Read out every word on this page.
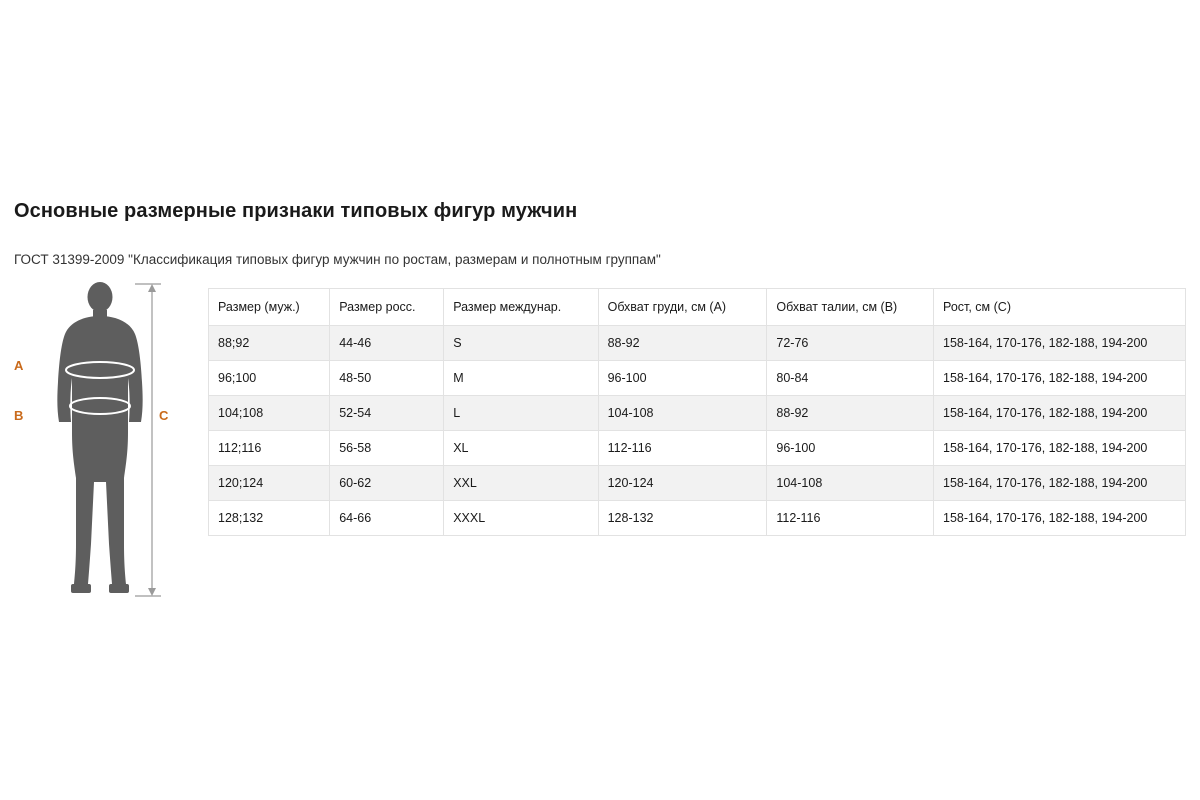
Основные размерные признаки типовых фигур мужчин
ГОСТ 31399-2009 "Классификация типовых фигур мужчин по ростам, размерам и полнотным группам"
A
B	C
Размер (муж.)	Размер росс.	Размер междунар.	Обхват груди, см (A)	Обхват талии, см (B)	Рост, см (C)
88;92	44-46	S	88-92	72-76	158-164, 170-176, 182-188, 194-200
96;100	48-50	M	96-100	80-84	158-164, 170-176, 182-188, 194-200
104;108	52-54	L	104-108	88-92	158-164, 170-176, 182-188, 194-200
112;116	56-58	XL	112-116	96-100	158-164, 170-176, 182-188, 194-200
120;124	60-62	XXL	120-124	104-108	158-164, 170-176, 182-188, 194-200
128;132	64-66	XXXL	128-132	112-116	158-164, 170-176, 182-188, 194-200
